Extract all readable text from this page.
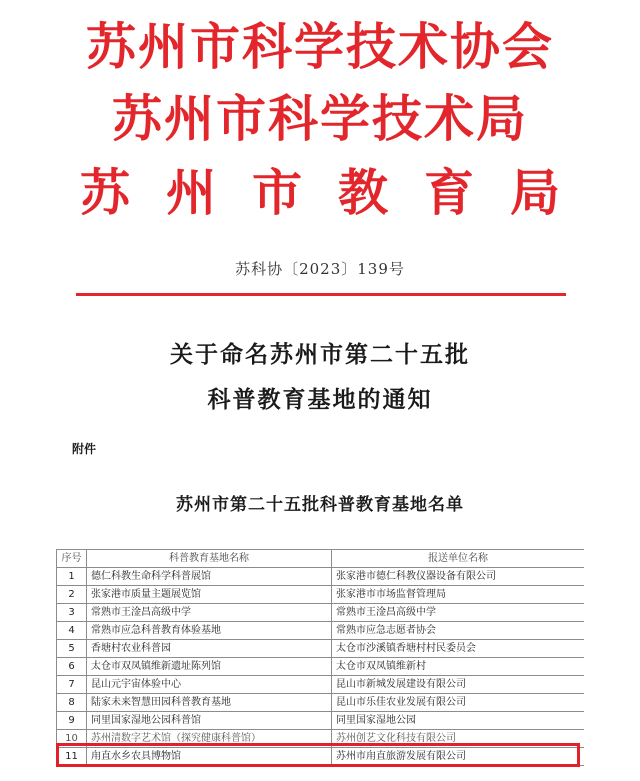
苏州市科学技术协会
苏州市科学技术局
苏州市教育局
苏科协〔2023〕139号
关于命名苏州市第二十五批
科普教育基地的通知
附件
苏州市第二十五批科普教育基地名单
序号	科普教育基地名称	报送单位名称
1	德仁科教生命科学科普展馆	张家港市德仁科教仪器设备有限公司
2	张家港市质量主题展览馆	张家港市市场监督管理局
3	常熟市王淦昌高级中学	常熟市王淦昌高级中学
4	常熟市应急科普教育体验基地	常熟市应急志愿者协会
5	香塘村农业科普园	太仓市沙溪镇香塘村村民委员会
6	太仓市双凤镇维新遗址陈列馆	太仓市双凤镇维新村
7	昆山元宇宙体验中心	昆山市新城发展建设有限公司
8	陆家未来智慧田园科普教育基地	昆山市乐佳农业发展有限公司
9	同里国家湿地公园科普馆	同里国家湿地公园
10	苏州清数字艺术馆（探究健康科普馆）	苏州创艺文化科技有限公司
11	甪直水乡农具博物馆	苏州市甪直旅游发展有限公司
